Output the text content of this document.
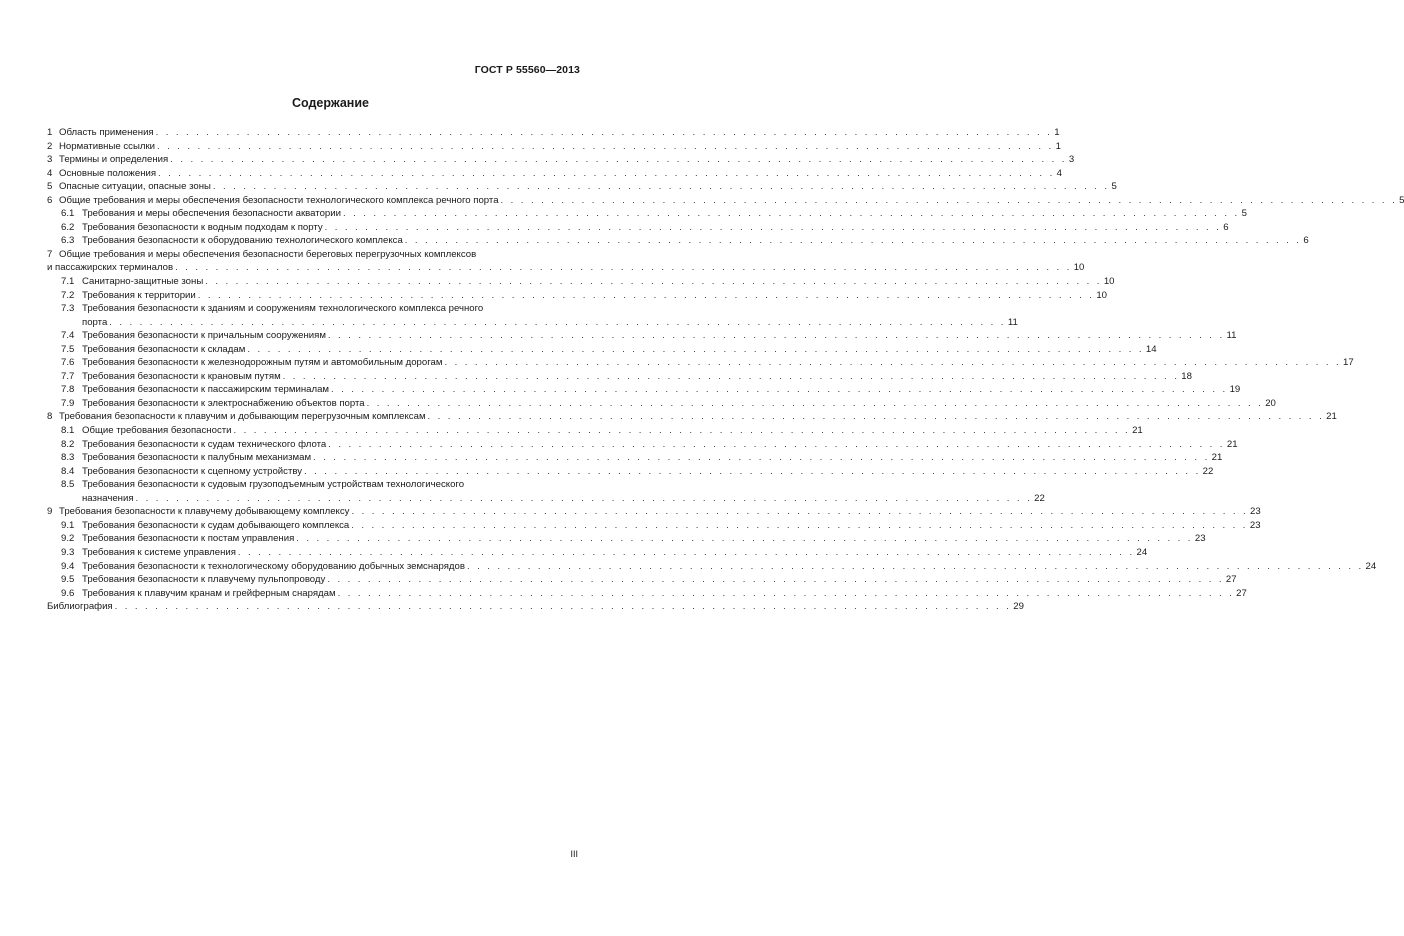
ГОСТ Р 55560—2013
Содержание
1 Область применения . . .	1
2 Нормативные ссылки . . .	1
3 Термины и определения . . .	3
4 Основные положения . . .	4
5 Опасные ситуации, опасные зоны . . .	5
6 Общие требования и меры обеспечения безопасности технологического комплекса речного порта . . .	5
6.1 Требования и меры обеспечения безопасности акватории . . .	5
6.2 Требования безопасности к водным подходам к порту . . .	6
6.3 Требования безопасности к оборудованию технологического комплекса . . .	6
7 Общие требования и меры обеспечения безопасности береговых перегрузочных комплексов
и пассажирских терминалов . . .	10
7.1 Санитарно-защитные зоны . . .	10
7.2 Требования к территории . . .	10
7.3 Требования безопасности к зданиям и сооружениям технологического комплекса речного
порта . . .	11
7.4 Требования безопасности к причальным сооружениям . . .	11
7.5 Требования безопасности к складам . . .	14
7.6 Требования безопасности к железнодорожным путям и автомобильным дорогам . . .	17
7.7 Требования безопасности к крановым путям . . .	18
7.8 Требования безопасности к пассажирским терминалам . . .	19
7.9 Требования безопасности к электроснабжению объектов порта . . .	20
8 Требования безопасности к плавучим и добывающим перегрузочным комплексам . . .	21
8.1 Общие требования безопасности . . .	21
8.2 Требования безопасности к судам технического флота . . .	21
8.3 Требования безопасности к палубным механизмам . . .	21
8.4 Требования безопасности к сцепному устройству . . .	22
8.5 Требования безопасности к судовым грузоподъемным устройствам технологического
назначения . . .	22
9 Требования безопасности к плавучему добывающему комплексу . . .	23
9.1 Требования безопасности к судам добывающего комплекса . . .	23
9.2 Требования безопасности к постам управления . . .	23
9.3 Требования к системе управления . . .	24
9.4 Требования безопасности к технологическому оборудованию добычных земснарядов . . .	24
9.5 Требования безопасности к плавучему пульпопроводу . . .	27
9.6 Требования к плавучим кранам и грейферным снарядам . . .	27
Библиография . . .	29
III
